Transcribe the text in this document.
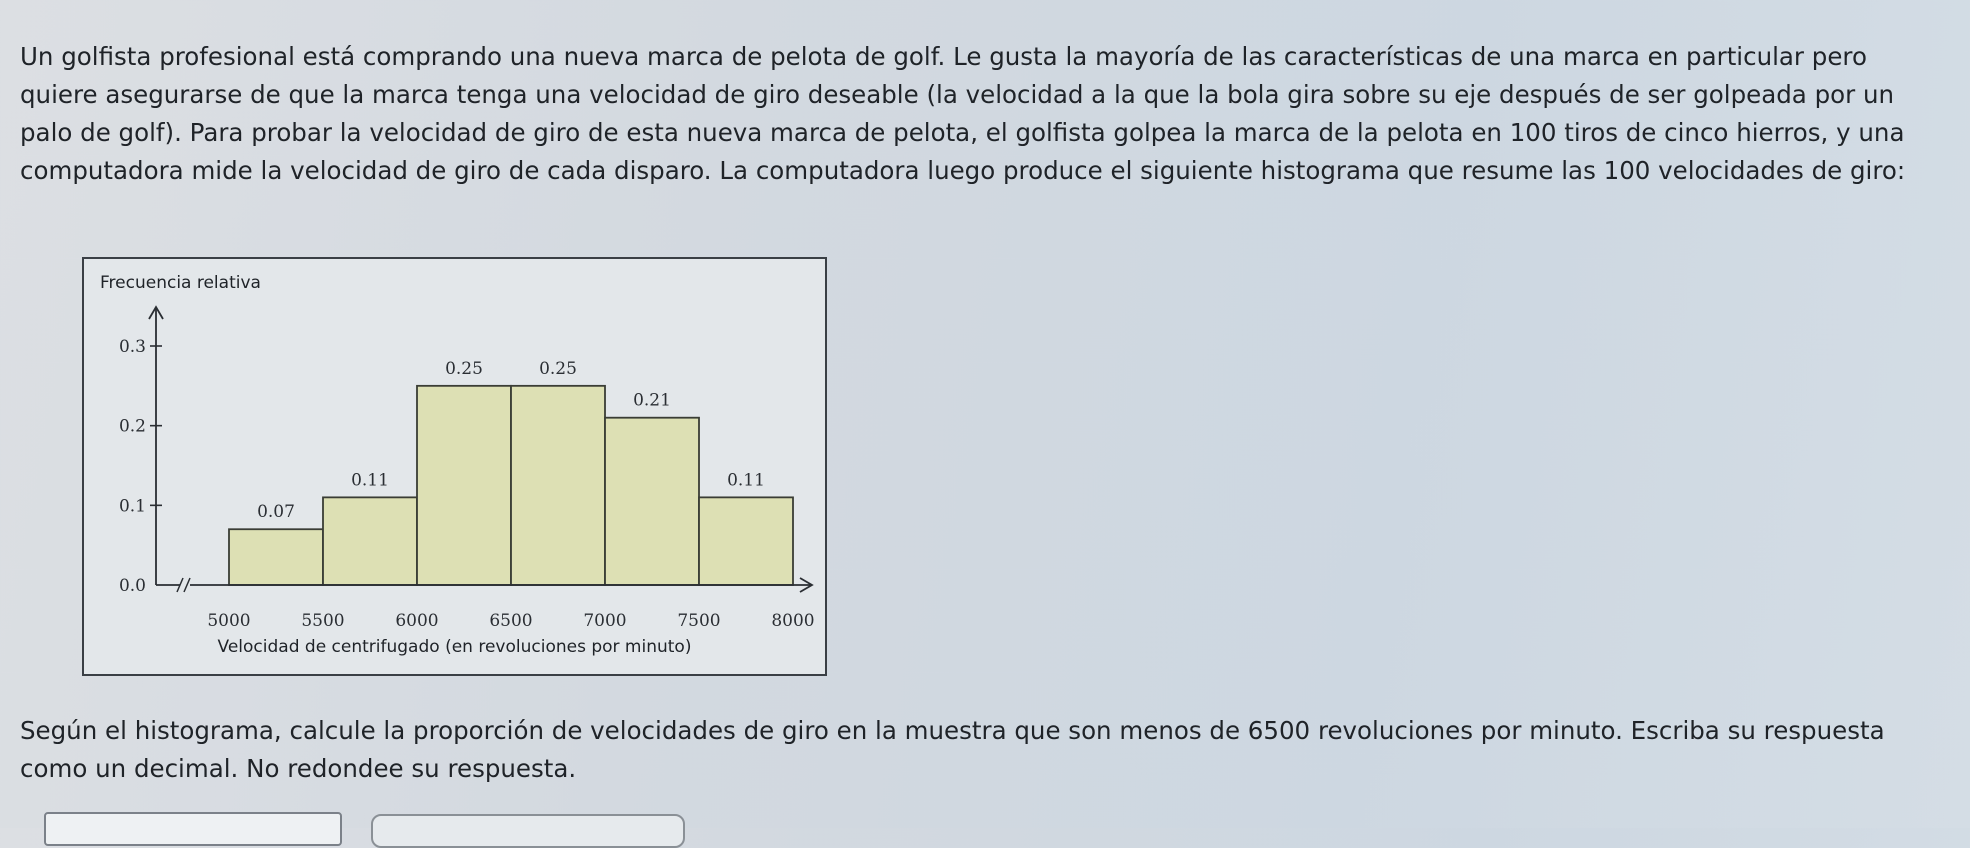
Un golfista profesional está comprando una nueva marca de pelota de golf. Le gusta la mayoría de las características de una marca en particular pero quiere asegurarse de que la marca tenga una velocidad de giro deseable (la velocidad a la que la bola gira sobre su eje después de ser golpeada por un palo de golf). Para probar la velocidad de giro de esta nueva marca de pelota, el golfista golpea la marca de la pelota en 100 tiros de cinco hierros, y una computadora mide la velocidad de giro de cada disparo. La computadora luego produce el siguiente histograma que resume las 100 velocidades de giro:

0.07
0.11
0.25	0.25
0.21
0.11
0.0
0.1
0.2
0.3
5000	5500	6000	6500	7000	7500	8000
Frecuencia relativa
Velocidad de centrifugado (en revoluciones por minuto)

Según el histograma, calcule la proporción de velocidades de giro en la muestra que son menos de 6500 revoluciones por minuto. Escriba su respuesta como un decimal. No redondee su respuesta.
